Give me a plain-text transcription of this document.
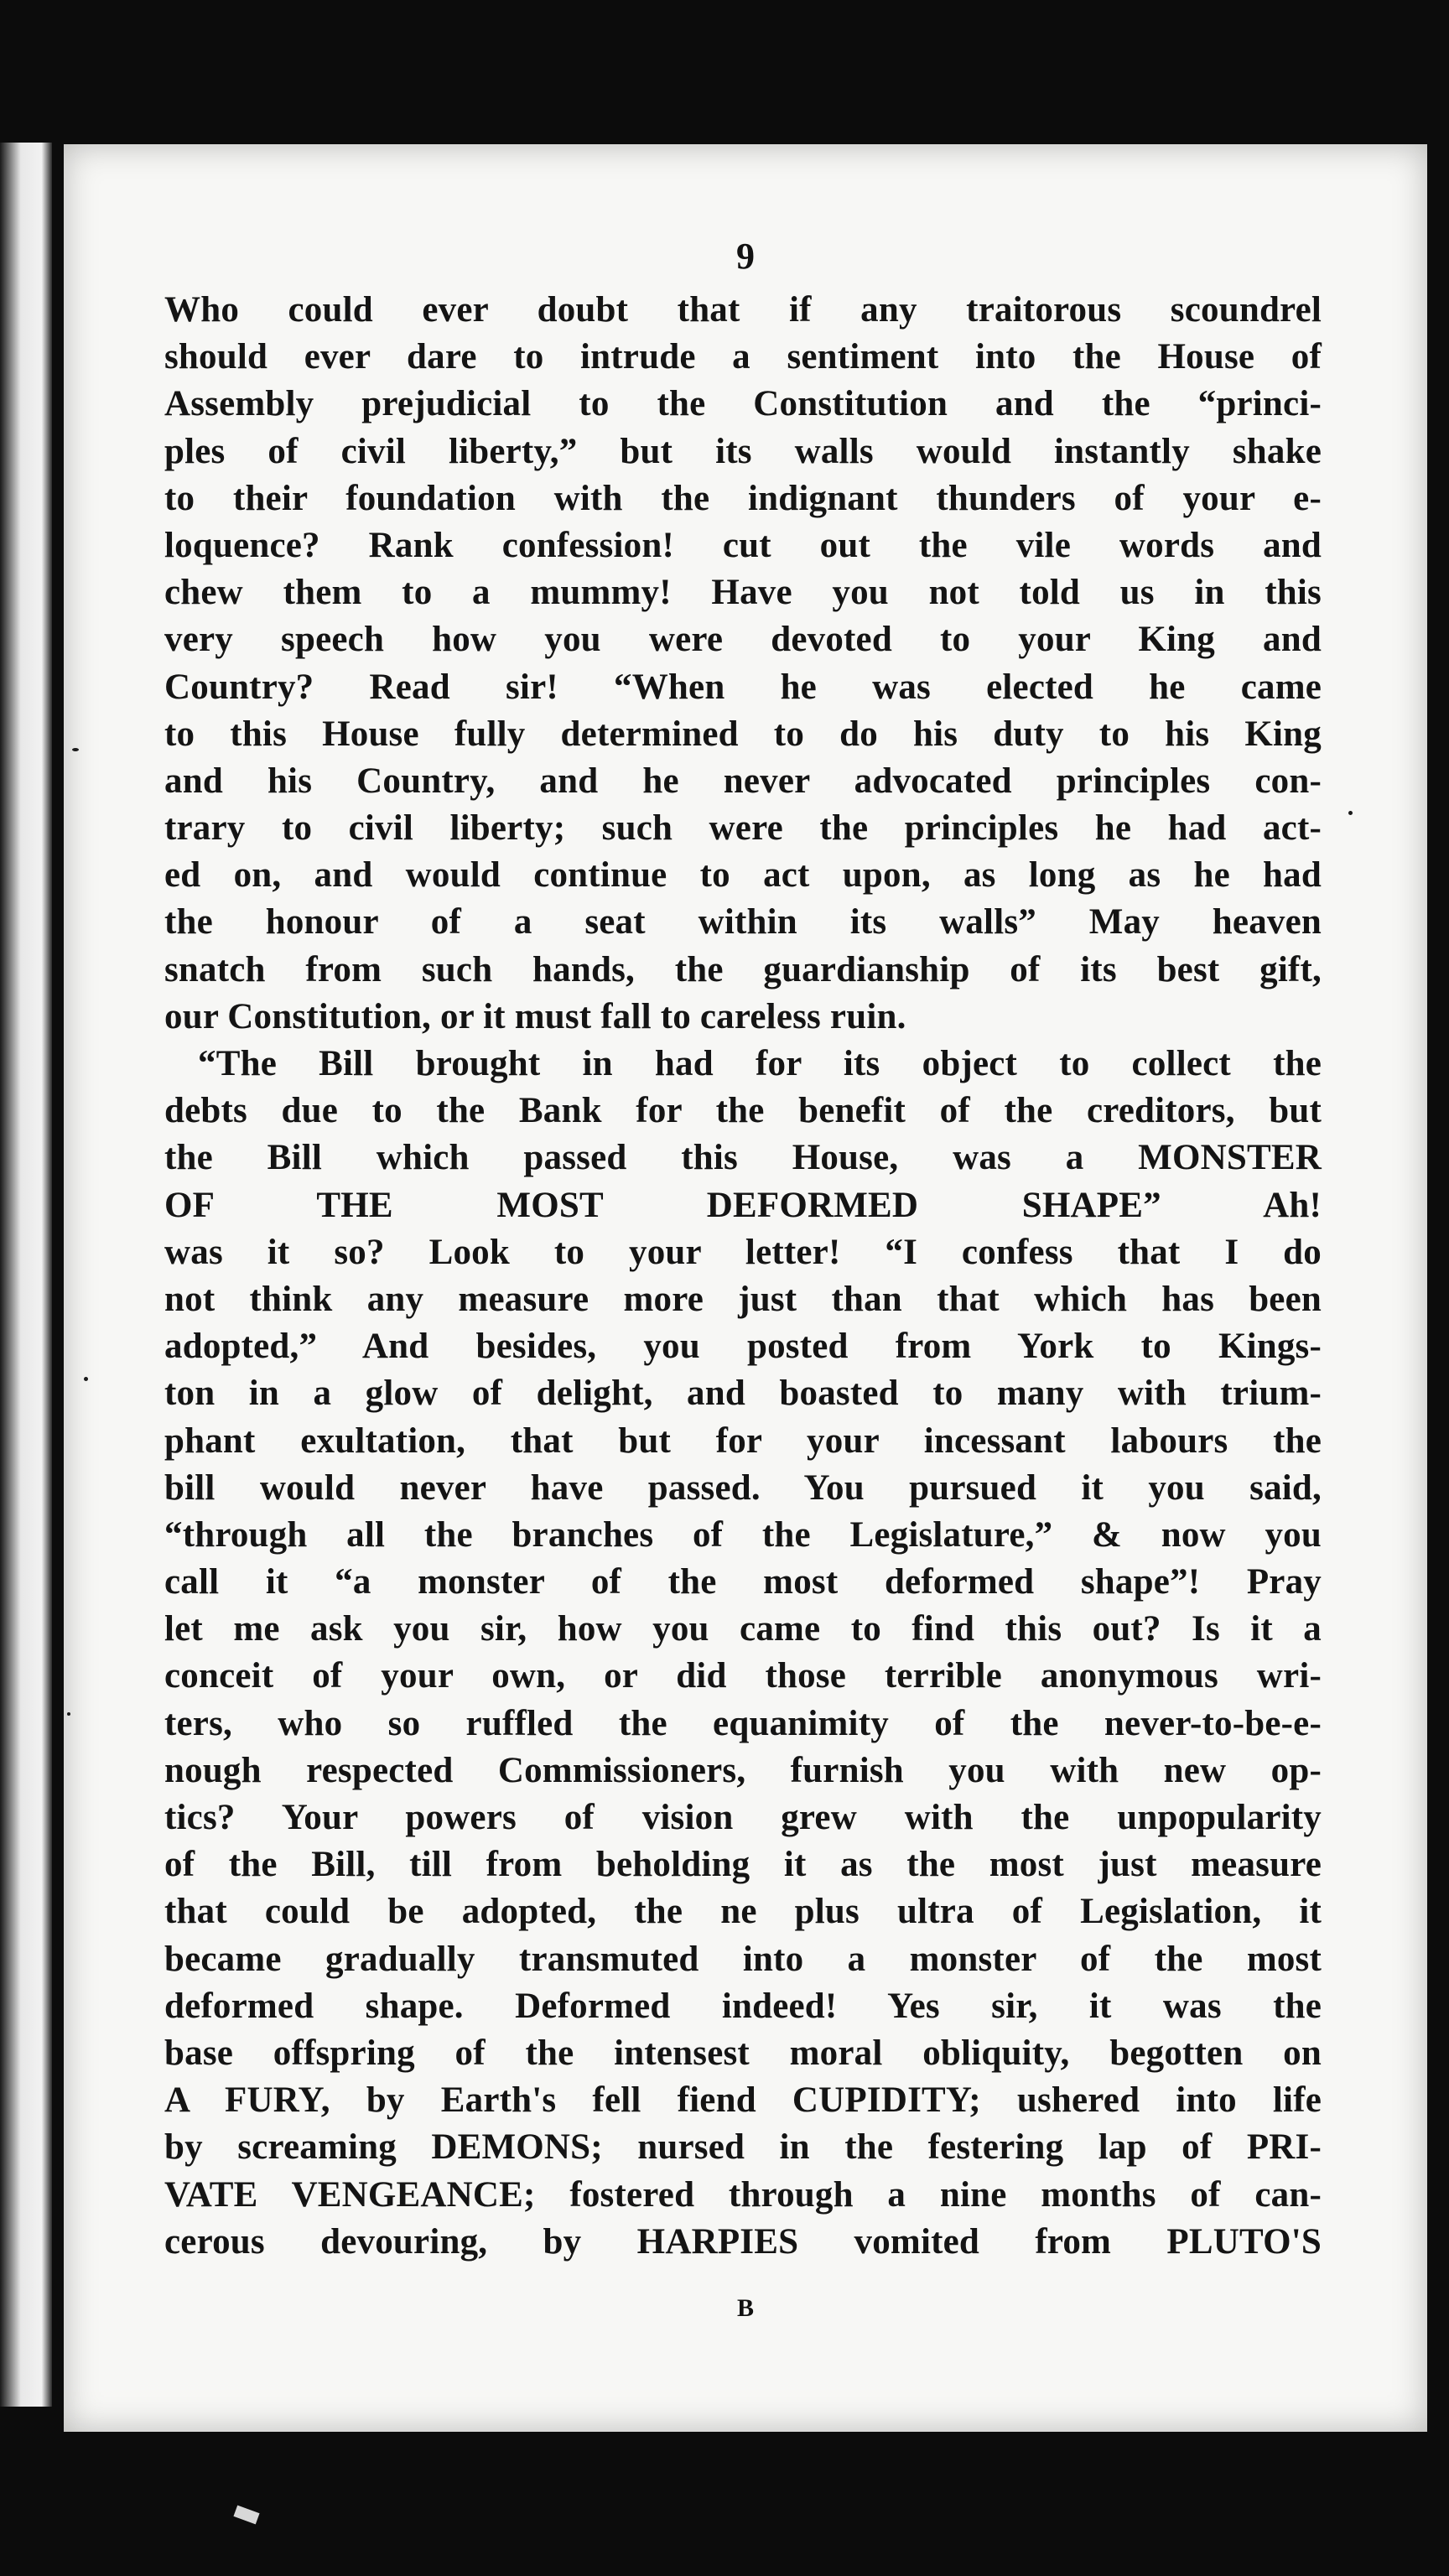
9
Who could ever doubt that if any traitorous scoundrel
should ever dare to intrude a sentiment into the House of
Assembly prejudicial to the Constitution and the “princi-
ples of civil liberty,” but its walls would instantly shake
to their foundation with the indignant thunders of your e-
loquence? Rank confession! cut out the vile words and
chew them to a mummy! Have you not told us in this
very speech how you were devoted to your King and
Country? Read sir! “When he was elected he came
to this House fully determined to do his duty to his King
and his Country, and he never advocated principles con-
trary to civil liberty; such were the principles he had act-
ed on, and would continue to act upon, as long as he had
the honour of a seat within its walls” May heaven
snatch from such hands, the guardianship of its best gift,
our Constitution, or it must fall to careless ruin.
“The Bill brought in had for its object to collect the
debts due to the Bank for the benefit of the creditors, but
the Bill which passed this House, was a MONSTER
OF THE MOST DEFORMED SHAPE” Ah!
was it so? Look to your letter! “I confess that I do
not think any measure more just than that which has been
adopted,” And besides, you posted from York to Kings-
ton in a glow of delight, and boasted to many with trium-
phant exultation, that but for your incessant labours the
bill would never have passed. You pursued it you said,
“through all the branches of the Legislature,” & now you
call it “a monster of the most deformed shape”! Pray
let me ask you sir, how you came to find this out? Is it a
conceit of your own, or did those terrible anonymous wri-
ters, who so ruffled the equanimity of the never-to-be-e-
nough respected Commissioners, furnish you with new op-
tics? Your powers of vision grew with the unpopularity
of the Bill, till from beholding it as the most just measure
that could be adopted, the ne plus ultra of Legislation, it
became gradually transmuted into a monster of the most
deformed shape. Deformed indeed! Yes sir, it was the
base offspring of the intensest moral obliquity, begotten on
A FURY, by Earth's fell fiend CUPIDITY; ushered into life
by screaming DEMONS; nursed in the festering lap of PRI-
VATE VENGEANCE; fostered through a nine months of can-
cerous devouring, by HARPIES vomited from PLUTO'S
B
